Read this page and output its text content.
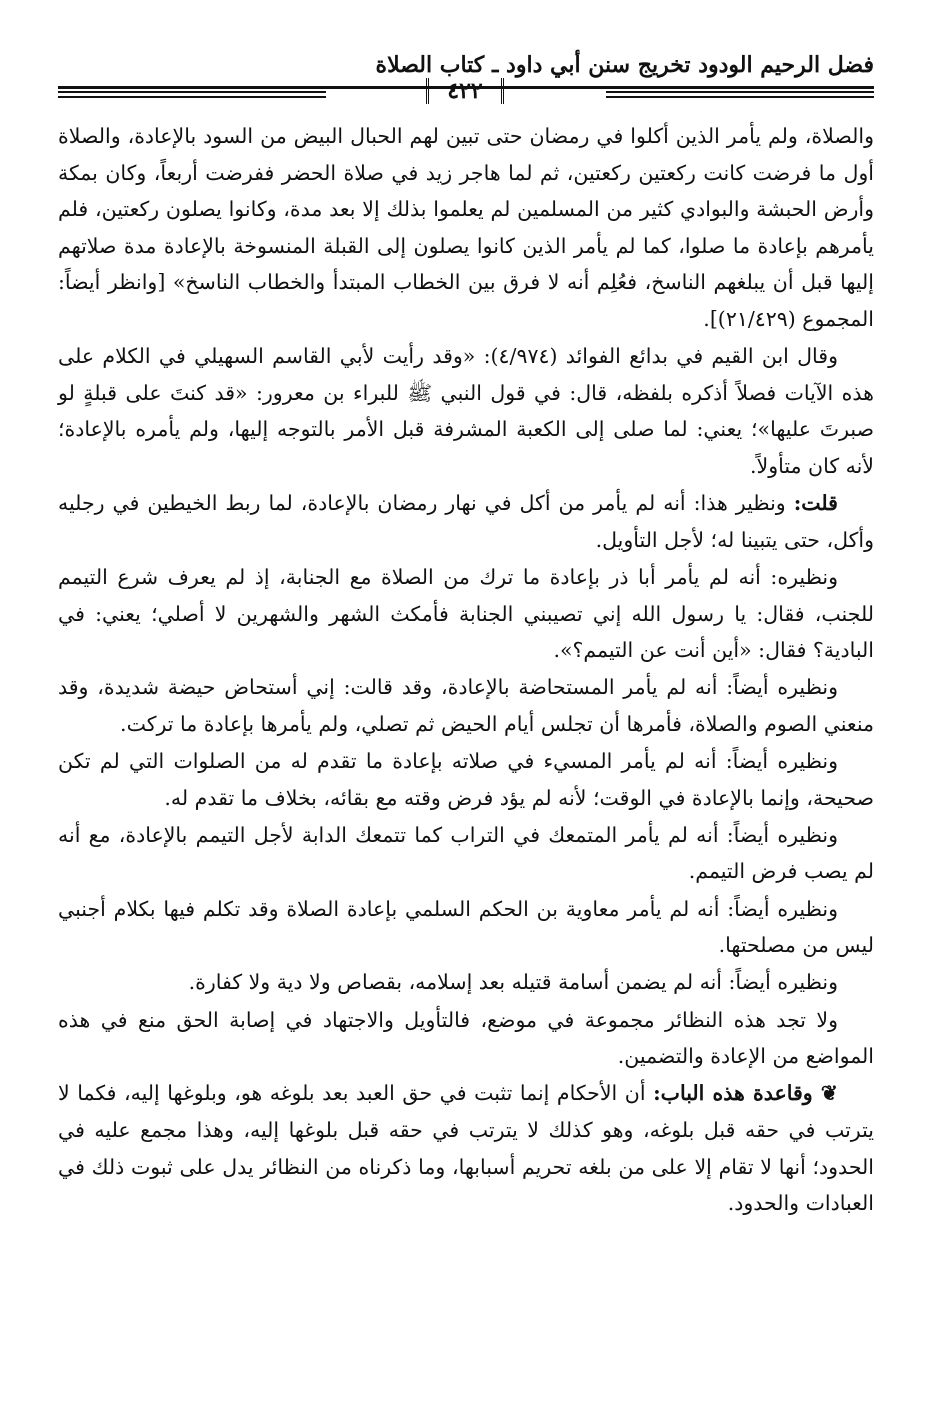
فضل الرحيم الودود تخريج سنن أبي داود ـ كتاب الصلاة
٤٢٢

والصلاة، ولم يأمر الذين أكلوا في رمضان حتى تبين لهم الحبال البيض من السود بالإعادة، والصلاة أول ما فرضت كانت ركعتين ركعتين، ثم لما هاجر زيد في صلاة الحضر ففرضت أربعاً، وكان بمكة وأرض الحبشة والبوادي كثير من المسلمين لم يعلموا بذلك إلا بعد مدة، وكانوا يصلون ركعتين، فلم يأمرهم بإعادة ما صلوا، كما لم يأمر الذين كانوا يصلون إلى القبلة المنسوخة بالإعادة مدة صلاتهم إليها قبل أن يبلغهم الناسخ، فعُلِم أنه لا فرق بين الخطاب المبتدأ والخطاب الناسخ» [وانظر أيضاً: المجموع (٢١/٤٢٩)].

وقال ابن القيم في بدائع الفوائد (٤/٩٧٤): «وقد رأيت لأبي القاسم السهيلي في الكلام على هذه الآيات فصلاً أذكره بلفظه، قال: في قول النبي ﷺ للبراء بن معرور: «قد كنتَ على قبلةٍ لو صبرتَ عليها»؛ يعني: لما صلى إلى الكعبة المشرفة قبل الأمر بالتوجه إليها، ولم يأمره بالإعادة؛ لأنه كان متأولاً.

قلت: ونظير هذا: أنه لم يأمر من أكل في نهار رمضان بالإعادة، لما ربط الخيطين في رجليه وأكل، حتى يتبينا له؛ لأجل التأويل.

ونظيره: أنه لم يأمر أبا ذر بإعادة ما ترك من الصلاة مع الجنابة، إذ لم يعرف شرع التيمم للجنب، فقال: يا رسول الله إني تصيبني الجنابة فأمكث الشهر والشهرين لا أصلي؛ يعني: في البادية؟ فقال: «أين أنت عن التيمم؟».

ونظيره أيضاً: أنه لم يأمر المستحاضة بالإعادة، وقد قالت: إني أستحاض حيضة شديدة، وقد منعني الصوم والصلاة، فأمرها أن تجلس أيام الحيض ثم تصلي، ولم يأمرها بإعادة ما تركت.

ونظيره أيضاً: أنه لم يأمر المسيء في صلاته بإعادة ما تقدم له من الصلوات التي لم تكن صحيحة، وإنما بالإعادة في الوقت؛ لأنه لم يؤد فرض وقته مع بقائه، بخلاف ما تقدم له.

ونظيره أيضاً: أنه لم يأمر المتمعك في التراب كما تتمعك الدابة لأجل التيمم بالإعادة، مع أنه لم يصب فرض التيمم.

ونظيره أيضاً: أنه لم يأمر معاوية بن الحكم السلمي بإعادة الصلاة وقد تكلم فيها بكلام أجنبي ليس من مصلحتها.

ونظيره أيضاً: أنه لم يضمن أسامة قتيله بعد إسلامه، بقصاص ولا دية ولا كفارة.

ولا تجد هذه النظائر مجموعة في موضع، فالتأويل والاجتهاد في إصابة الحق منع في هذه المواضع من الإعادة والتضمين.

❦ وقاعدة هذه الباب: أن الأحكام إنما تثبت في حق العبد بعد بلوغه هو، وبلوغها إليه، فكما لا يترتب في حقه قبل بلوغه، وهو كذلك لا يترتب في حقه قبل بلوغها إليه، وهذا مجمع عليه في الحدود؛ أنها لا تقام إلا على من بلغه تحريم أسبابها، وما ذكرناه من النظائر يدل على ثبوت ذلك في العبادات والحدود.
